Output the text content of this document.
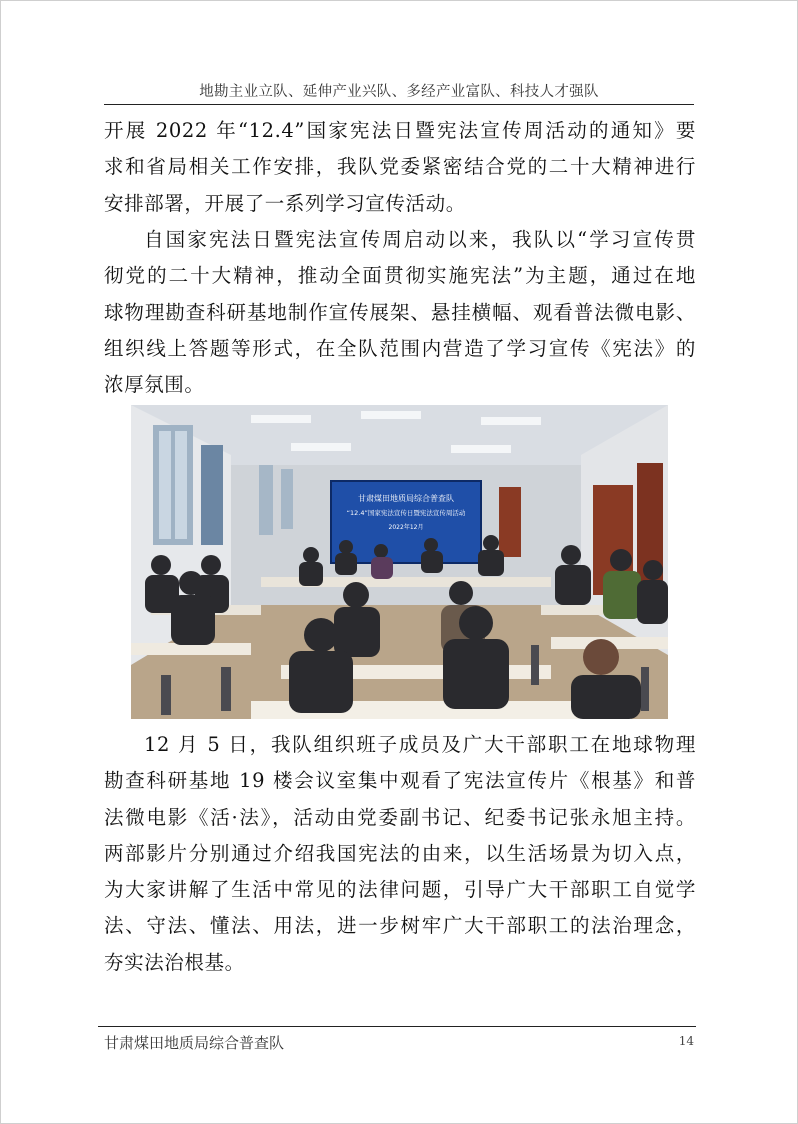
地勘主业立队、延伸产业兴队、多经产业富队、科技人才强队
开展 2022 年“12.4”国家宪法日暨宪法宣传周活动的通知》要
求和省局相关工作安排，我队党委紧密结合党的二十大精神进行
安排部署，开展了一系列学习宣传活动。
自国家宪法日暨宪法宣传周启动以来，我队以“学习宣传贯
彻党的二十大精神，推动全面贯彻实施宪法”为主题，通过在地
球物理勘查科研基地制作宣传展架、悬挂横幅、观看普法微电影、
组织线上答题等形式，在全队范围内营造了学习宣传《宪法》的
浓厚氛围。
甘肃煤田地质局综合普查队
“12.4”国家宪法宣传日暨宪法宣传周活动
2022年12月
12 月 5 日，我队组织班子成员及广大干部职工在地球物理
勘查科研基地 19 楼会议室集中观看了宪法宣传片《根基》和普
法微电影《活·法》，活动由党委副书记、纪委书记张永旭主持。
两部影片分别通过介绍我国宪法的由来，以生活场景为切入点，
为大家讲解了生活中常见的法律问题，引导广大干部职工自觉学
法、守法、懂法、用法，进一步树牢广大干部职工的法治理念，
夯实法治根基。
甘肃煤田地质局综合普查队	14
